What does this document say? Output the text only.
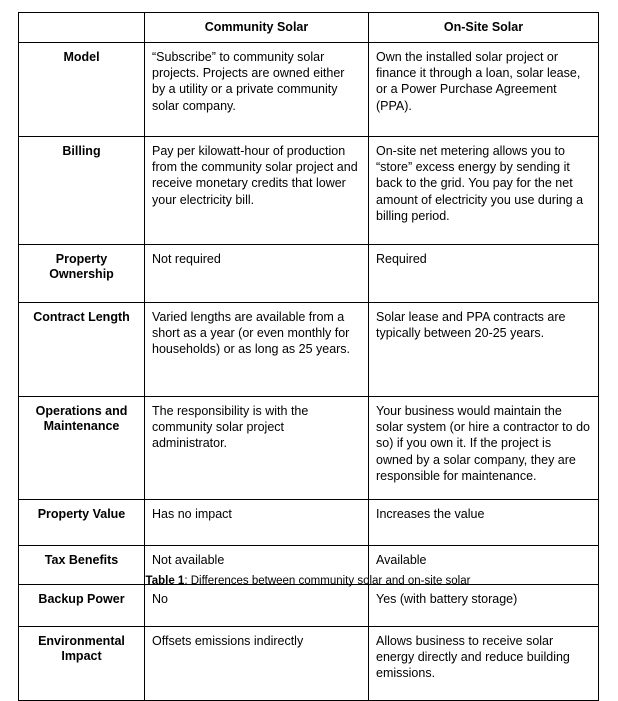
	Community Solar	On-Site Solar
Model	“Subscribe” to community solar projects. Projects are owned either by a utility or a private community solar company.	Own the installed solar project or finance it through a loan, solar lease, or a Power Purchase Agreement (PPA).
Billing	Pay per kilowatt-hour of production from the community solar project and receive monetary credits that lower your electricity bill.	On-site net metering allows you to “store” excess energy by sending it back to the grid. You pay for the net amount of electricity you use during a billing period.
Property Ownership	Not required	Required
Contract Length	Varied lengths are available from a short as a year (or even monthly for households) or as long as 25 years.	Solar lease and PPA contracts are typically between 20-25 years.
Operations and Maintenance	The responsibility is with the community solar project administrator.	Your business would maintain the solar system (or hire a contractor to do so) if you own it. If the project is owned by a solar company, they are responsible for maintenance.
Property Value	Has no impact	Increases the value
Tax Benefits	Not available	Available
Backup Power	No	Yes (with battery storage)
Environmental Impact	Offsets emissions indirectly	Allows business to receive solar energy directly and reduce building emissions.
Table 1: Differences between community solar and on-site solar
